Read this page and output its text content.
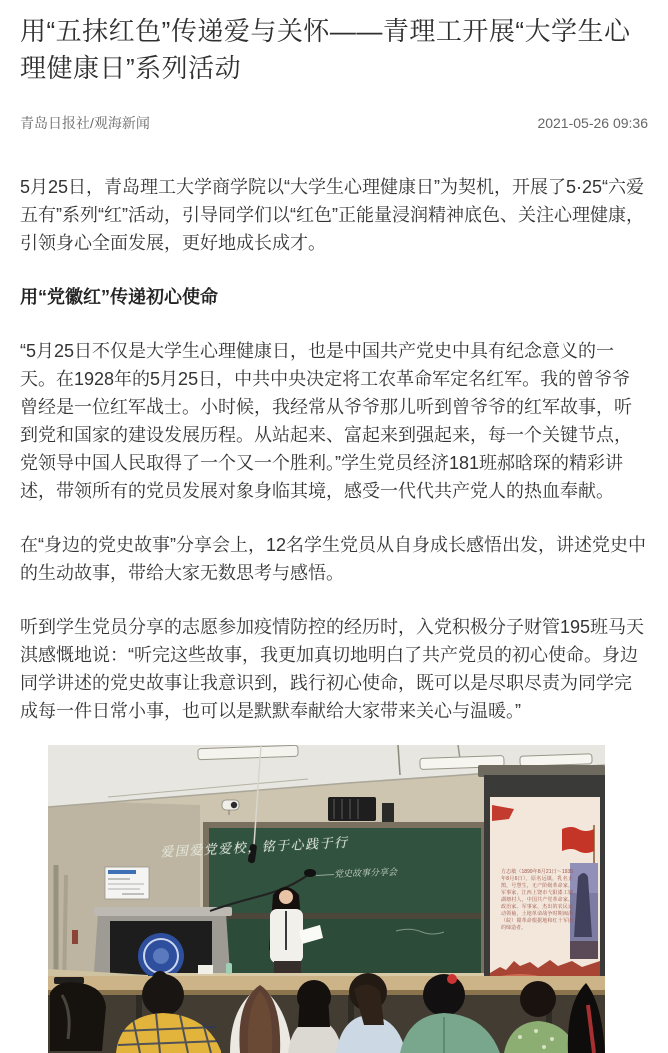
用“五抹红色”传递爱与关怀——青理工开展“大学生心理健康日”系列活动
青岛日报社/观海新闻	2021-05-26 09:36

5月25日，青岛理工大学商学院以“大学生心理健康日”为契机，开展了5·25“六爱五有”系列“红”活动，引导同学们以“红色”正能量浸润精神底色、关注心理健康，引领身心全面发展，更好地成长成才。

用“党徽红”传递初心使命

“5月25日不仅是大学生心理健康日，也是中国共产党史中具有纪念意义的一天。在1928年的5月25日，中共中央决定将工农革命军定名红军。我的曾爷爷曾经是一位红军战士。小时候，我经常从爷爷那儿听到曾爷爷的红军故事，听到党和国家的建设发展历程。从站起来、富起来到强起来，每一个关键节点，党领导中国人民取得了一个又一个胜利。”学生党员经济181班郝晗琛的精彩讲述，带领所有的党员发展对象身临其境，感受一代代共产党人的热血奉献。

在“身边的党史故事”分享会上，12名学生党员从自身成长感悟出发，讲述党史中的生动故事，带给大家无数思考与感悟。

听到学生党员分享的志愿参加疫情防控的经历时，入党积极分子财管195班马天淇感慨地说：“听完这些故事，我更加真切地明白了共产党员的初心使命。身边同学讲述的党史故事让我意识到，践行初心使命，既可以是尽职尽责为同学完成每一件日常小事，也可以是默默奉献给大家带来关心与温暖。”

爱国爱党爱校，铭于心践于行
——党史故事分享会	方志敏（1899年8月21日～1935年8月6日），原名远镇，乳名正鹄，号慧生，无产阶级革命家、军事家，江西上饶市弋阳漆工镇湖塘村人，中国共产党革命家、政治家、军事家，杰出的农民运动领袖，土地革命战争时期闽浙（皖）赣革命根据地和红十军团的缔造者。
